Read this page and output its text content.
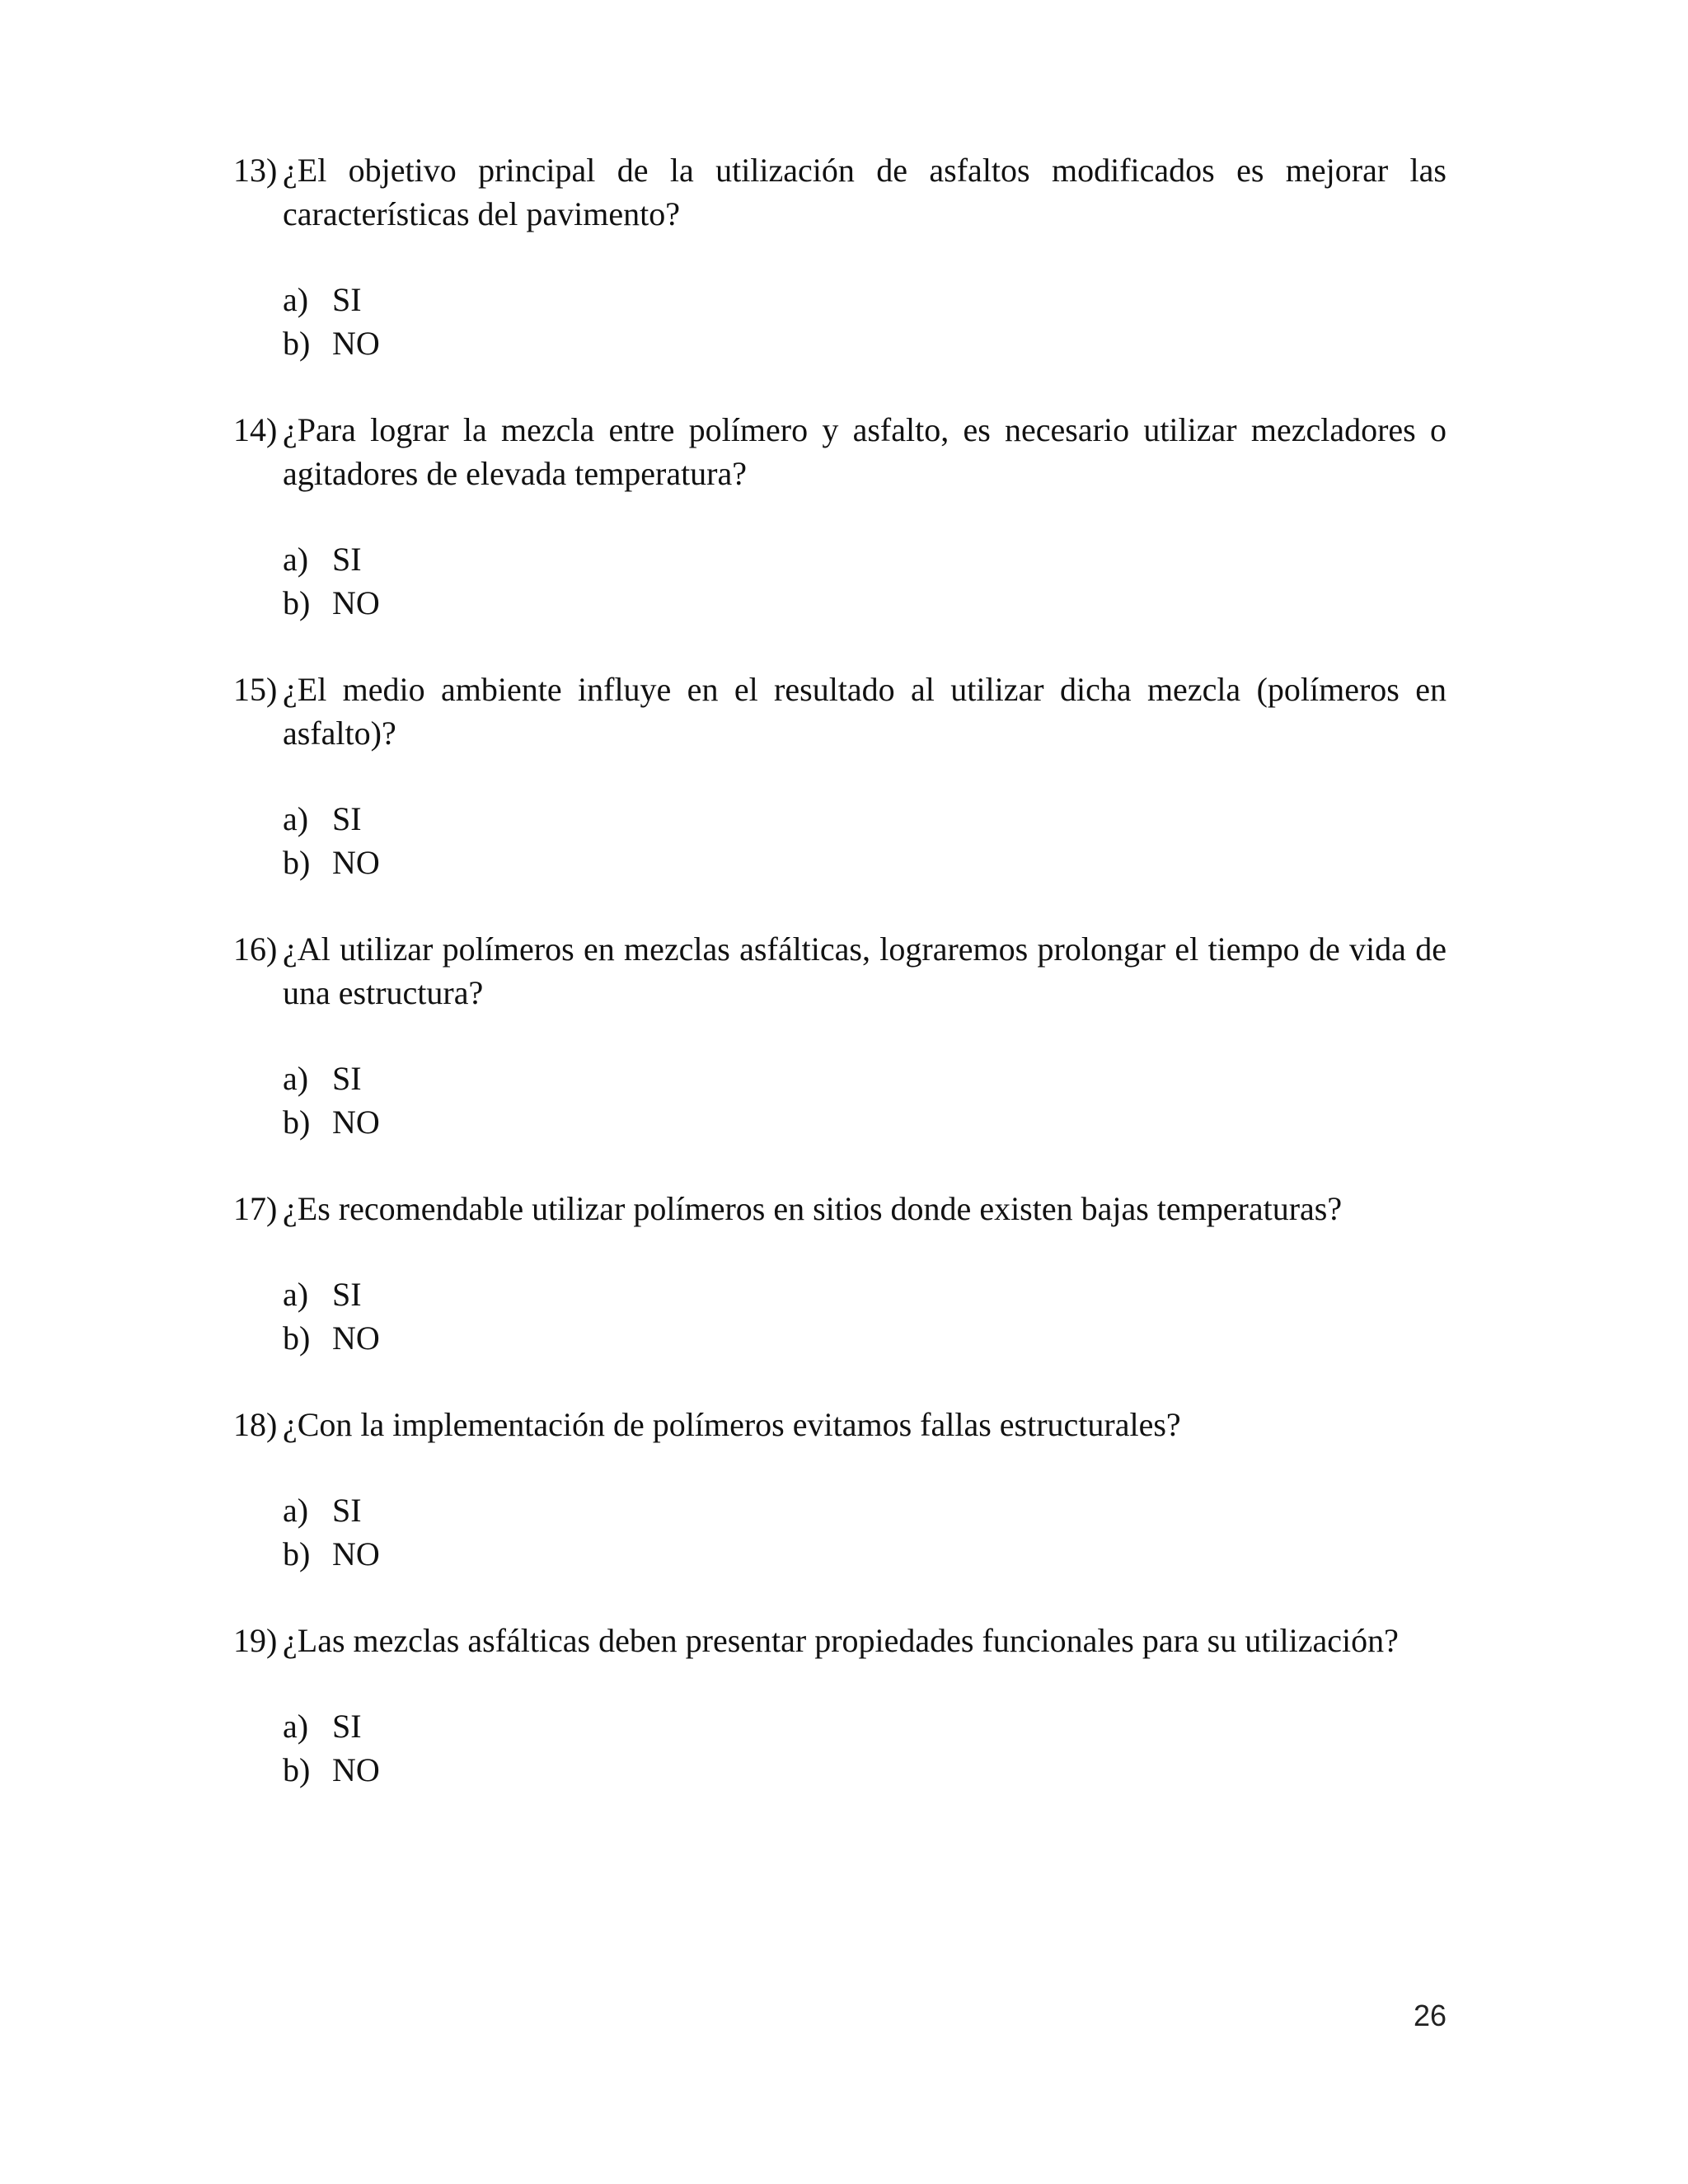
13) ¿El objetivo principal de la utilización de asfaltos modificados es mejorar las características del pavimento?
a) SI
b) NO
14) ¿Para lograr la mezcla entre polímero y asfalto, es necesario utilizar mezcladores o agitadores de elevada temperatura?
a) SI
b) NO
15) ¿El medio ambiente influye en el resultado al utilizar dicha mezcla (polímeros en asfalto)?
a) SI
b) NO
16) ¿Al utilizar polímeros en mezclas asfálticas, lograremos prolongar el tiempo de vida de una estructura?
a) SI
b) NO
17) ¿Es recomendable utilizar polímeros en sitios donde existen bajas temperaturas?
a) SI
b) NO
18) ¿Con la implementación de polímeros evitamos fallas estructurales?
a) SI
b) NO
19) ¿Las mezclas asfálticas deben presentar propiedades funcionales para su utilización?
a) SI
b) NO
26
